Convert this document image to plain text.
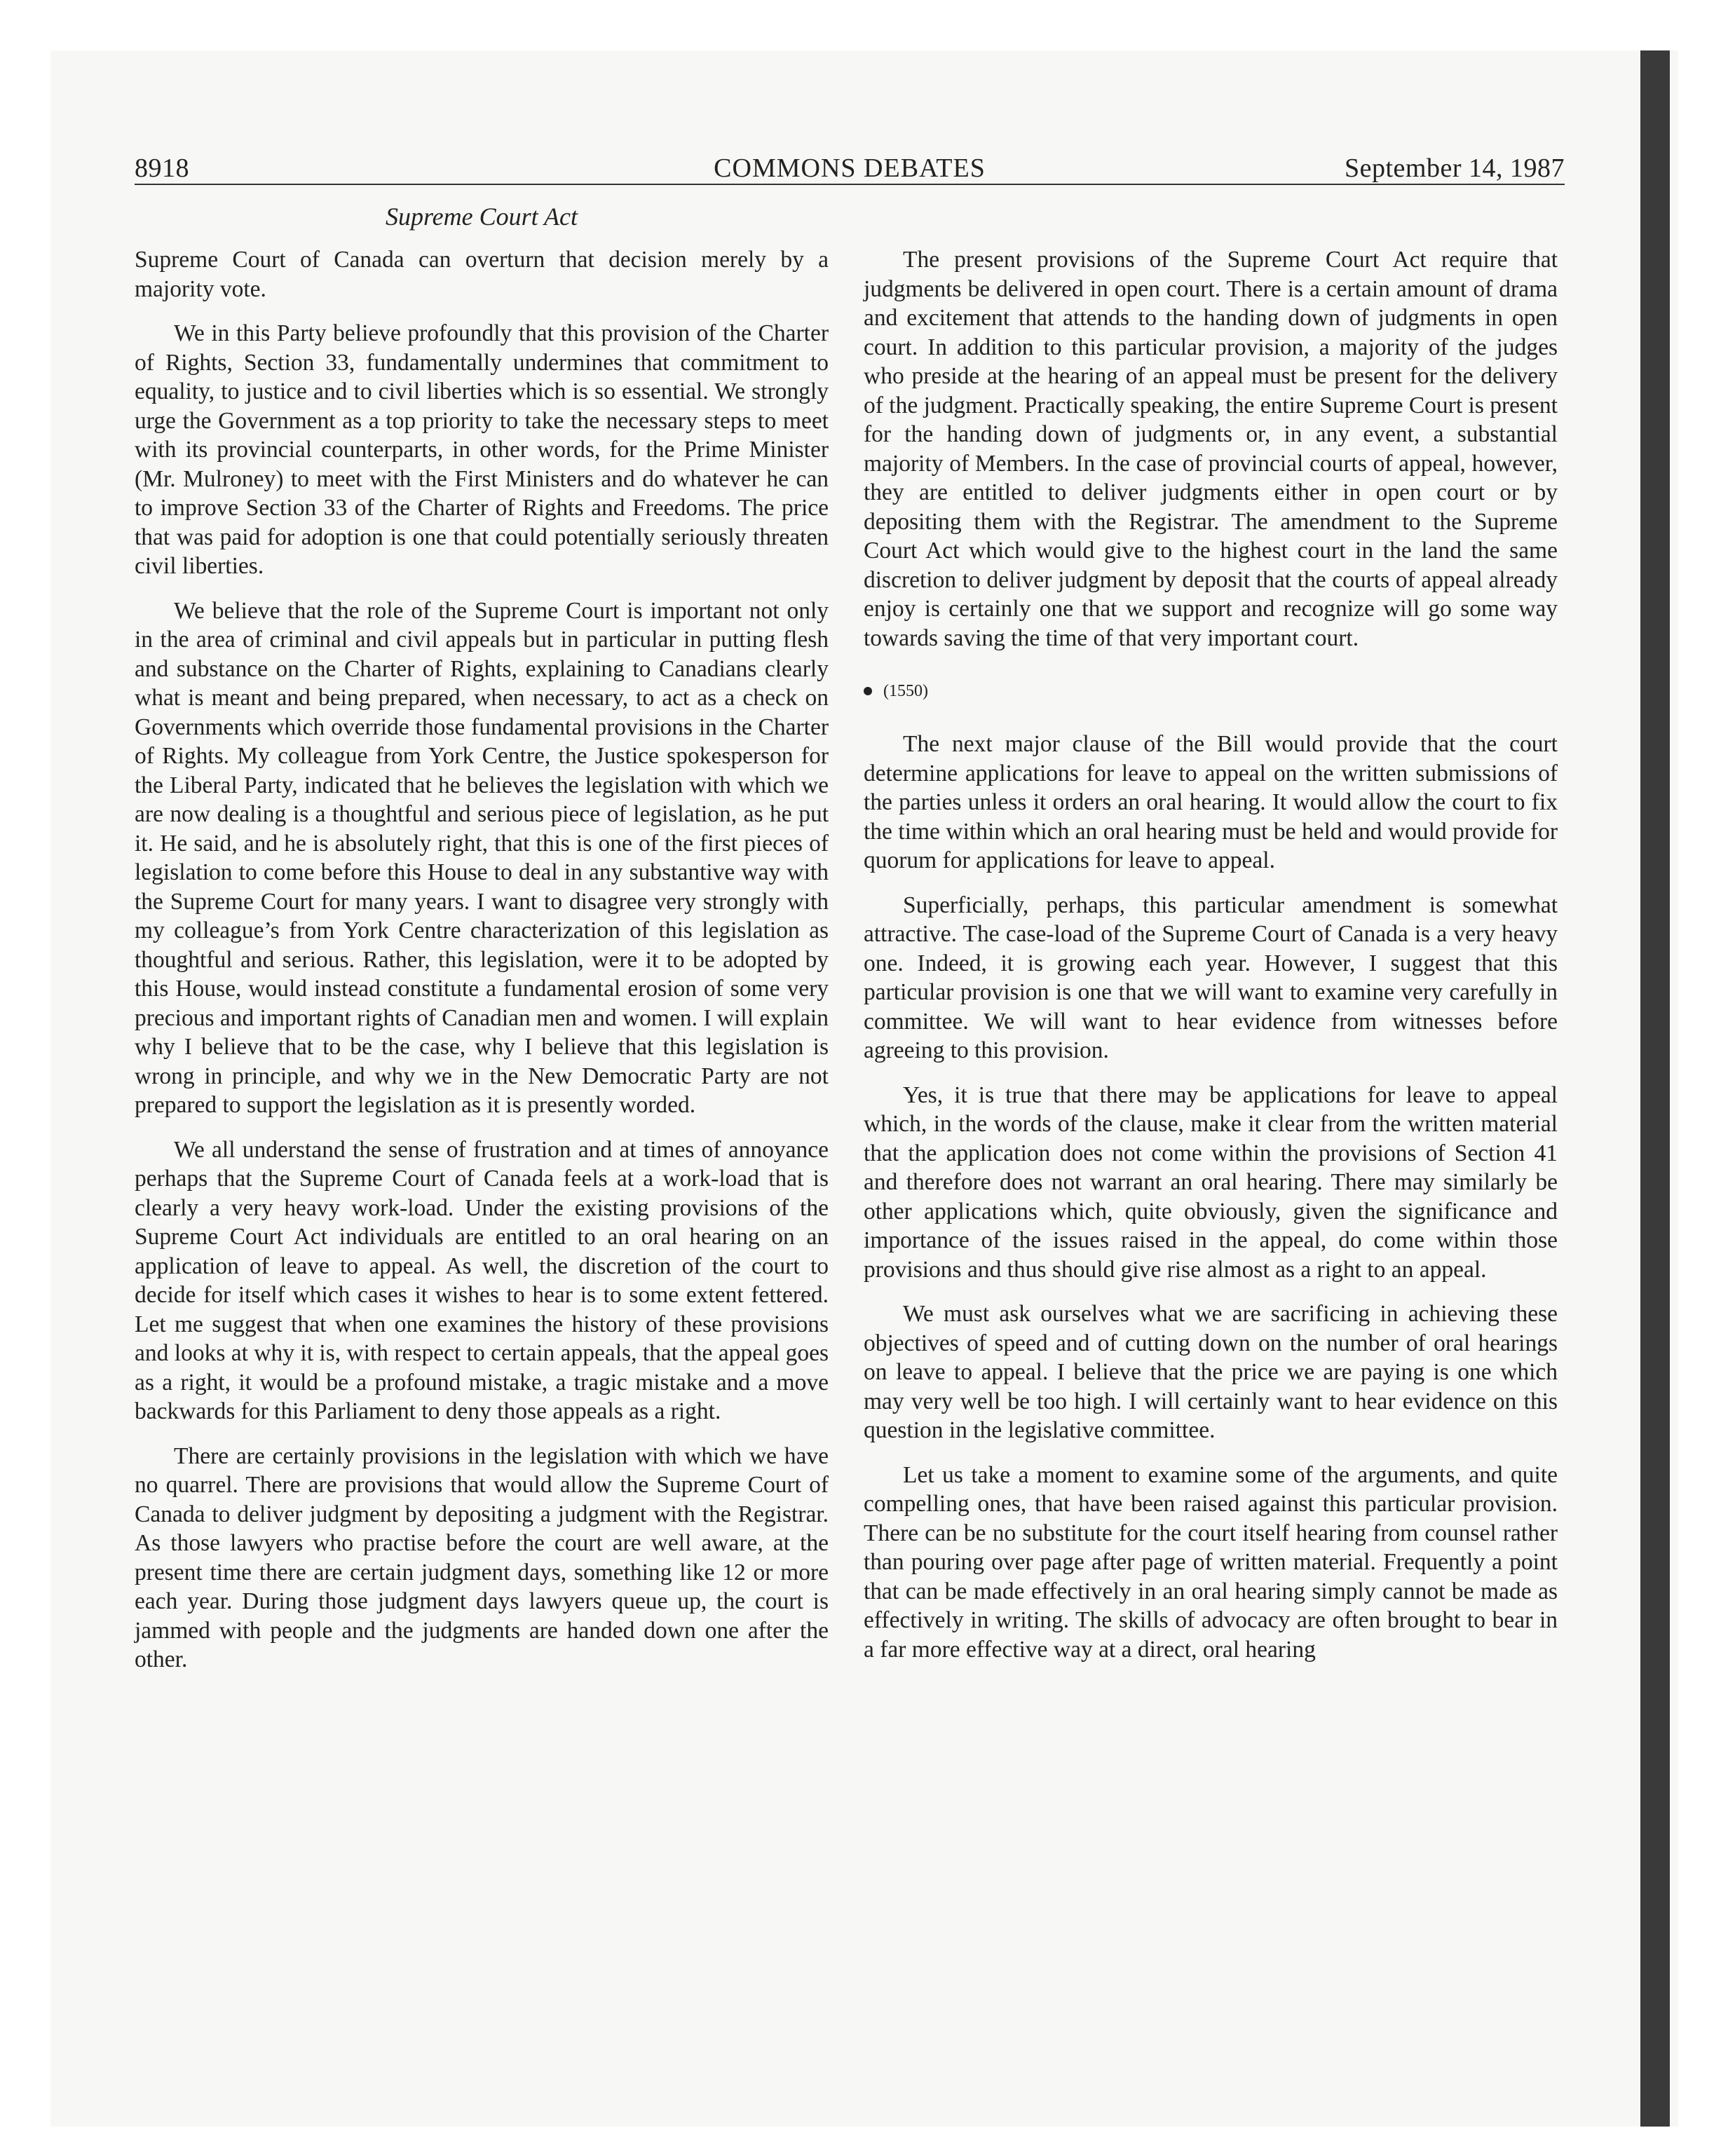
8918	COMMONS DEBATES	September 14, 1987
Supreme Court Act

Supreme Court of Canada can overturn that decision merely by a majority vote.

We in this Party believe profoundly that this provision of the Charter of Rights, Section 33, fundamentally undermines that commitment to equality, to justice and to civil liberties which is so essential. We strongly urge the Government as a top priority to take the necessary steps to meet with its provincial counterparts, in other words, for the Prime Minister (Mr. Mulroney) to meet with the First Ministers and do whatever he can to improve Section 33 of the Charter of Rights and Freedoms. The price that was paid for adoption is one that could potentially seriously threaten civil liberties.

We believe that the role of the Supreme Court is important not only in the area of criminal and civil appeals but in particular in putting flesh and substance on the Charter of Rights, explaining to Canadians clearly what is meant and being prepared, when necessary, to act as a check on Governments which override those fundamental provisions in the Charter of Rights. My colleague from York Centre, the Justice spokesperson for the Liberal Party, indicated that he believes the legislation with which we are now dealing is a thoughtful and serious piece of legislation, as he put it. He said, and he is absolutely right, that this is one of the first pieces of legislation to come before this House to deal in any substantive way with the Supreme Court for many years. I want to disagree very strongly with my colleague’s from York Centre characterization of this legislation as thoughtful and serious. Rather, this legislation, were it to be adopted by this House, would instead constitute a fundamental erosion of some very precious and important rights of Canadian men and women. I will explain why I believe that to be the case, why I believe that this legislation is wrong in principle, and why we in the New Democratic Party are not prepared to support the legislation as it is presently worded.

We all understand the sense of frustration and at times of annoyance perhaps that the Supreme Court of Canada feels at a work-load that is clearly a very heavy work-load. Under the existing provisions of the Supreme Court Act individuals are entitled to an oral hearing on an application of leave to appeal. As well, the discretion of the court to decide for itself which cases it wishes to hear is to some extent fettered. Let me suggest that when one examines the history of these provisions and looks at why it is, with respect to certain appeals, that the appeal goes as a right, it would be a profound mistake, a tragic mistake and a move backwards for this Parliament to deny those appeals as a right.

There are certainly provisions in the legislation with which we have no quarrel. There are provisions that would allow the Supreme Court of Canada to deliver judgment by depositing a judgment with the Registrar. As those lawyers who practise before the court are well aware, at the present time there are certain judgment days, something like 12 or more each year. During those judgment days lawyers queue up, the court is jammed with people and the judgments are handed down one after the other.

The present provisions of the Supreme Court Act require that judgments be delivered in open court. There is a certain amount of drama and excitement that attends to the handing down of judgments in open court. In addition to this particular provision, a majority of the judges who preside at the hearing of an appeal must be present for the delivery of the judgment. Practically speaking, the entire Supreme Court is present for the handing down of judgments or, in any event, a substantial majority of Members. In the case of provincial courts of appeal, however, they are entitled to deliver judgments either in open court or by depositing them with the Registrar. The amendment to the Supreme Court Act which would give to the highest court in the land the same discretion to deliver judgment by deposit that the courts of appeal already enjoy is certainly one that we support and recognize will go some way towards saving the time of that very important court.

(1550)

The next major clause of the Bill would provide that the court determine applications for leave to appeal on the written submissions of the parties unless it orders an oral hearing. It would allow the court to fix the time within which an oral hearing must be held and would provide for quorum for applications for leave to appeal.

Superficially, perhaps, this particular amendment is somewhat attractive. The case-load of the Supreme Court of Canada is a very heavy one. Indeed, it is growing each year. However, I suggest that this particular provision is one that we will want to examine very carefully in committee. We will want to hear evidence from witnesses before agreeing to this provision.

Yes, it is true that there may be applications for leave to appeal which, in the words of the clause, make it clear from the written material that the application does not come within the provisions of Section 41 and therefore does not warrant an oral hearing. There may similarly be other applications which, quite obviously, given the significance and importance of the issues raised in the appeal, do come within those provisions and thus should give rise almost as a right to an appeal.

We must ask ourselves what we are sacrificing in achieving these objectives of speed and of cutting down on the number of oral hearings on leave to appeal. I believe that the price we are paying is one which may very well be too high. I will certainly want to hear evidence on this question in the legislative committee.

Let us take a moment to examine some of the arguments, and quite compelling ones, that have been raised against this particular provision. There can be no substitute for the court itself hearing from counsel rather than pouring over page after page of written material. Frequently a point that can be made effectively in an oral hearing simply cannot be made as effectively in writing. The skills of advocacy are often brought to bear in a far more effective way at a direct, oral hearing
